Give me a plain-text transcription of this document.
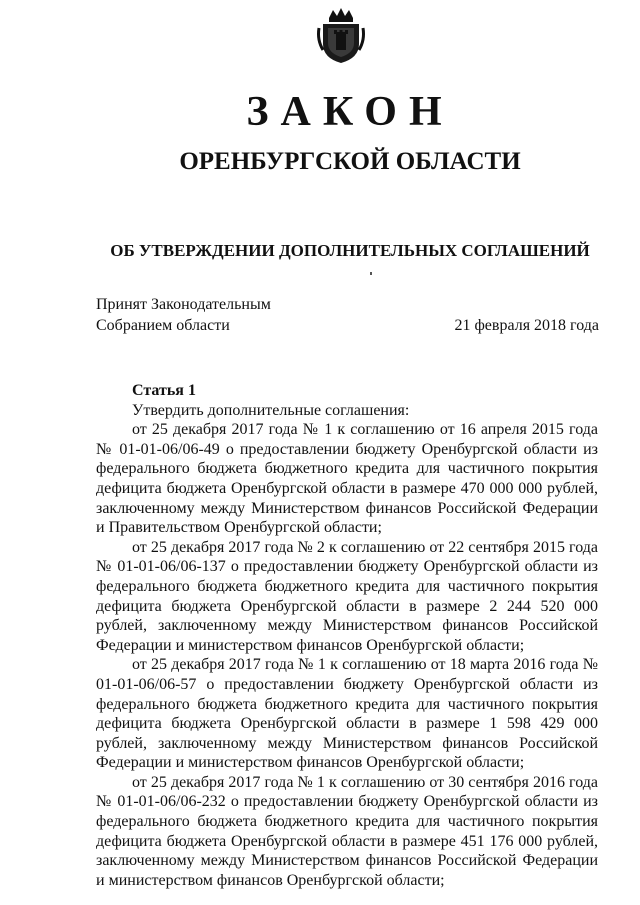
ЗАКОН
ОРЕНБУРГСКОЙ ОБЛАСТИ
ОБ УТВЕРЖДЕНИИ ДОПОЛНИТЕЛЬНЫХ СОГЛАШЕНИЙ
Принят Законодательным
Собранием области	21 февраля 2018 года
Статья 1
Утвердить дополнительные соглашения:

от 25 декабря 2017 года № 1 к соглашению от 16 апреля 2015 года № 01-01-06/06-49 о предоставлении бюджету Оренбургской области из федерального бюджета бюджетного кредита для частичного покрытия дефицита бюджета Оренбургской области в размере 470 000 000 рублей, заключенному между Министерством финансов Российской Федерации и Правительством Оренбургской области;

от 25 декабря 2017 года № 2 к соглашению от 22 сентября 2015 года № 01-01-06/06-137 о предоставлении бюджету Оренбургской области из федерального бюджета бюджетного кредита для частичного покрытия дефицита бюджета Оренбургской области в размере 2 244 520 000 рублей, заключенному между Министерством финансов Российской Федерации и министерством финансов Оренбургской области;

от 25 декабря 2017 года № 1 к соглашению от 18 марта 2016 года № 01-01-06/06-57 о предоставлении бюджету Оренбургской области из федерального бюджета бюджетного кредита для частичного покрытия дефицита бюджета Оренбургской области в размере 1 598 429 000 рублей, заключенному между Министерством финансов Российской Федерации и министерством финансов Оренбургской области;

от 25 декабря 2017 года № 1 к соглашению от 30 сентября 2016 года № 01-01-06/06-232 о предоставлении бюджету Оренбургской области из федерального бюджета бюджетного кредита для частичного покрытия дефицита бюджета Оренбургской области в размере 451 176 000 рублей, заключенному между Министерством финансов Российской Федерации и министерством финансов Оренбургской области;
